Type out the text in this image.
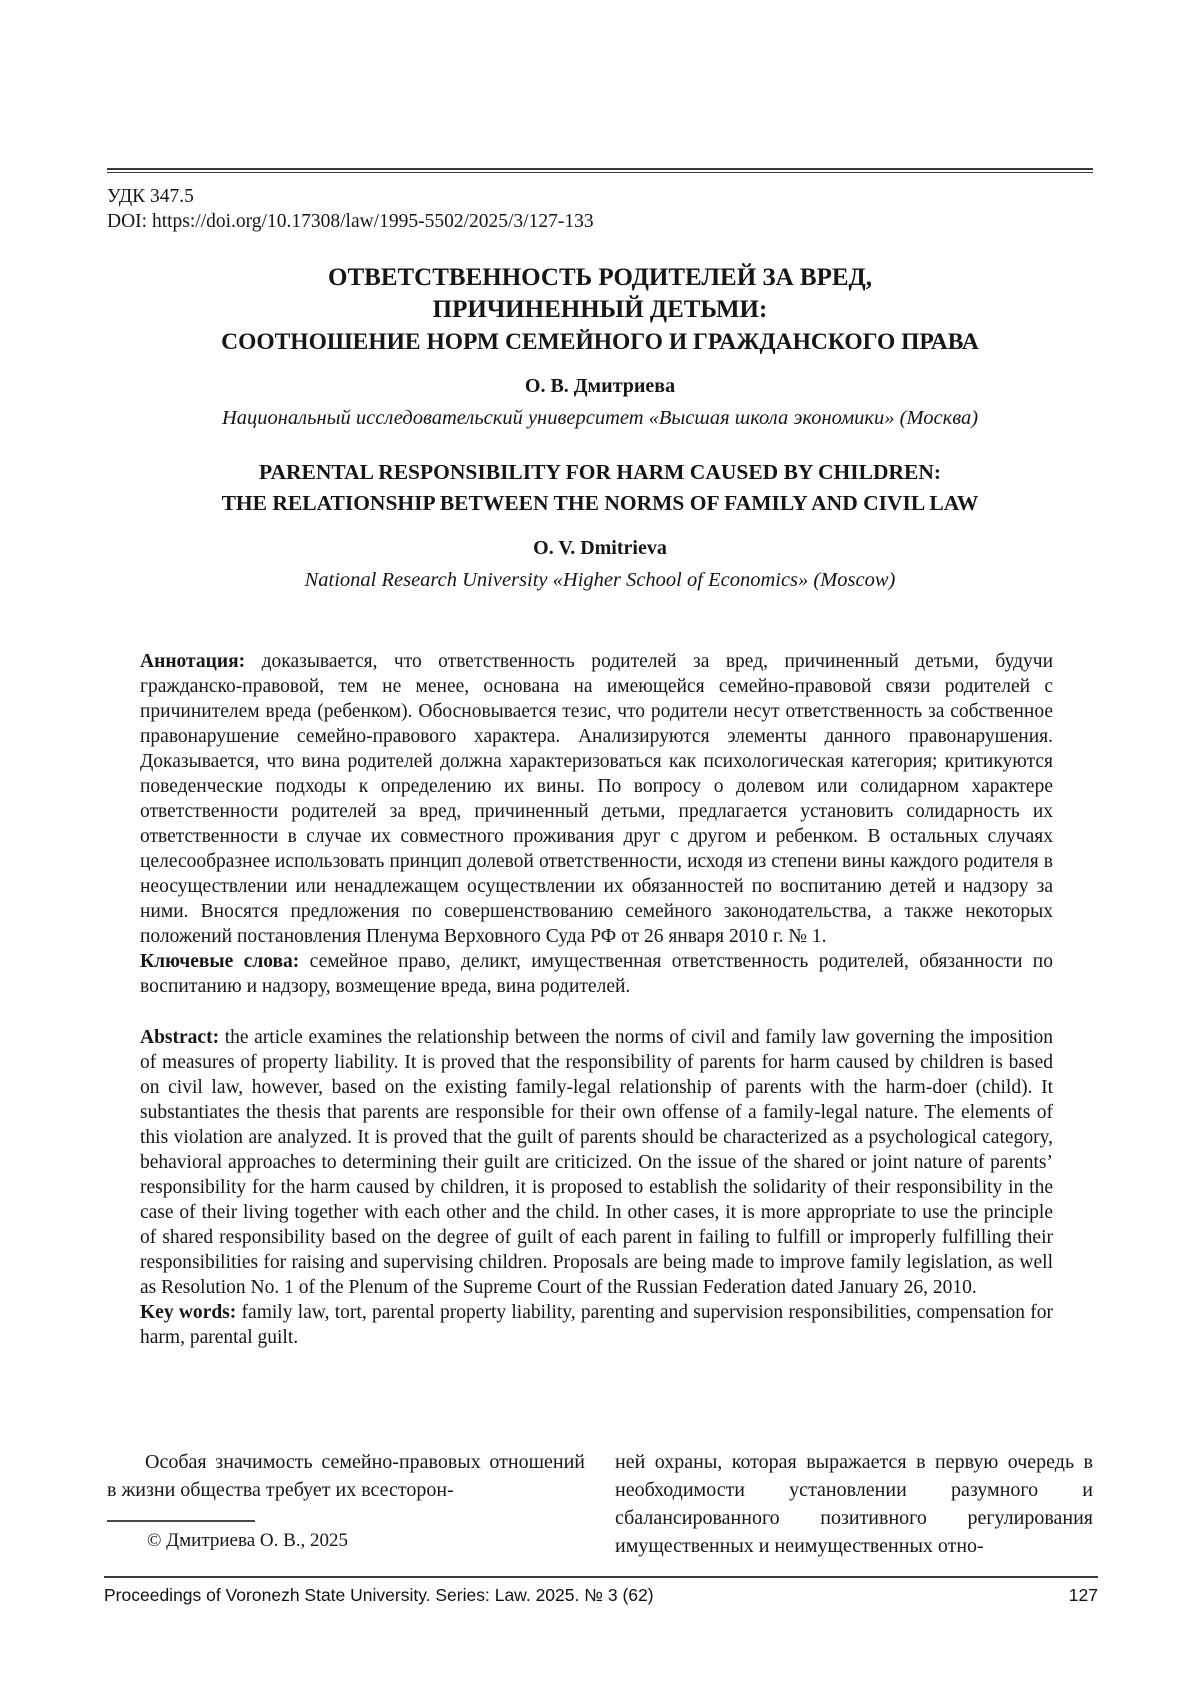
УДК 347.5
DOI: https://doi.org/10.17308/law/1995-5502/2025/3/127-133
ОТВЕТСТВЕННОСТЬ РОДИТЕЛЕЙ ЗА ВРЕД,
ПРИЧИНЕННЫЙ ДЕТЬМИ:
СООТНОШЕНИЕ НОРМ СЕМЕЙНОГО И ГРАЖДАНСКОГО ПРАВА
О. В. Дмитриева
Национальный исследовательский университет «Высшая школа экономики» (Москва)
PARENTAL RESPONSIBILITY FOR HARM CAUSED BY CHILDREN:
THE RELATIONSHIP BETWEEN THE NORMS OF FAMILY AND CIVIL LAW
O. V. Dmitrieva
National Research University «Higher School of Economics» (Moscow)

Аннотация: доказывается, что ответственность родителей за вред, причиненный детьми, будучи гражданско-правовой, тем не менее, основана на имеющейся семейно-правовой связи родителей с причинителем вреда (ребенком). Обосновывается тезис, что родители несут ответственность за собственное правонарушение семейно-правового характера. Анализируются элементы данного правонарушения. Доказывается, что вина родителей должна характеризоваться как психологическая категория; критикуются поведенческие подходы к определению их вины. По вопросу о долевом или солидарном характере ответственности родителей за вред, причиненный детьми, предлагается установить солидарность их ответственности в случае их совместного проживания друг с другом и ребенком. В остальных случаях целесообразнее использовать принцип долевой ответственности, исходя из степени вины каждого родителя в неосуществлении или ненадлежащем осуществлении их обязанностей по воспитанию детей и надзору за ними. Вносятся предложения по совершенствованию семейного законодательства, а также некоторых положений постановления Пленума Верховного Суда РФ от 26 января 2010 г. № 1.

Ключевые слова: семейное право, деликт, имущественная ответственность родителей, обязанности по воспитанию и надзору, возмещение вреда, вина родителей.

Abstract: the article examines the relationship between the norms of civil and family law governing the imposition of measures of property liability. It is proved that the responsibility of parents for harm caused by children is based on civil law, however, based on the existing family-legal relationship of parents with the harm-doer (child). It substantiates the thesis that parents are responsible for their own offense of a family-legal nature. The elements of this violation are analyzed. It is proved that the guilt of parents should be characterized as a psychological category, behavioral approaches to determining their guilt are criticized. On the issue of the shared or joint nature of parents’ responsibility for the harm caused by children, it is proposed to establish the solidarity of their responsibility in the case of their living together with each other and the child. In other cases, it is more appropriate to use the principle of shared responsibility based on the degree of guilt of each parent in failing to fulfill or improperly fulfilling their responsibilities for raising and supervising children. Proposals are being made to improve family legislation, as well as Resolution No. 1 of the Plenum of the Supreme Court of the Russian Federation dated January 26, 2010.

Key words: family law, tort, parental property liability, parenting and supervision responsibilities, compensation for harm, parental guilt.

Особая значимость семейно-правовых отношений в жизни общества требует их всесторон-

© Дмитриева О. В., 2025

ней охраны, которая выражается в первую очередь в необходимости установлении разумного и сбалансированного позитивного регулирования имущественных и неимущественных отно-

Proceedings of Voronezh State University. Series: Law. 2025. № 3 (62)	127
